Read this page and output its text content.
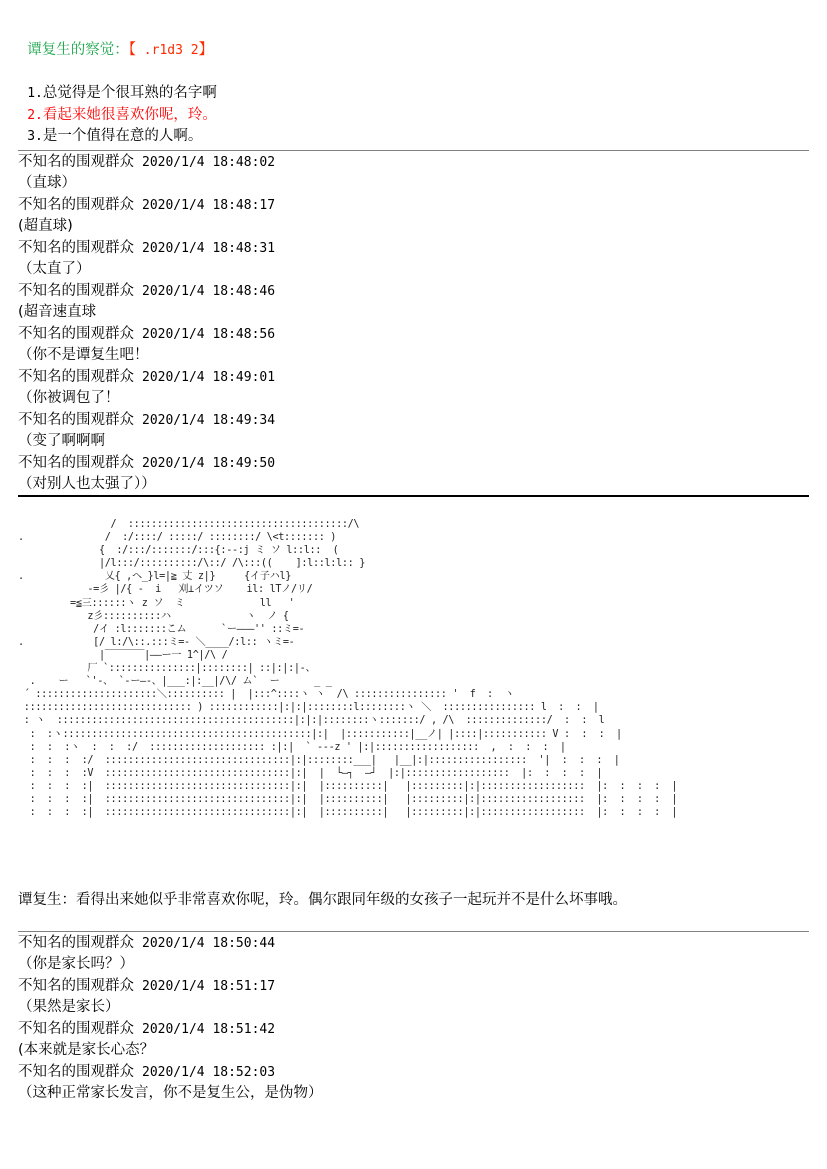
谭复生的察觉：【 .r1d3 2】

1.总觉得是个很耳熟的名字啊

2.看起来她很喜欢你呢，玲。

3.是一个值得在意的人啊。

不知名的围观群众 2020/1/4 18:48:02
（直球）
不知名的围观群众 2020/1/4 18:48:17
(超直球)
不知名的围观群众 2020/1/4 18:48:31
（太直了）
不知名的围观群众 2020/1/4 18:48:46
(超音速直球
不知名的围观群众 2020/1/4 18:48:56
（你不是谭复生吧！
不知名的围观群众 2020/1/4 18:49:01
（你被调包了！
不知名的围观群众 2020/1/4 18:49:34
（变了啊啊啊
不知名的围观群众 2020/1/4 18:49:50
（对别人也太强了））
/  ::::::::::::::::::::::::::::::::::::::/\
.              /  :/::::/ :::::/ ::::::::/ \<t::::::: )
{  :/:::/:::::::/:::{:--:j ミ ソ l::l::  (
|/l:::/::::::::::/\::/ /\:::((    ]:l::l:l:: }
.              乂{ ,ヘ_}l=|≧ 丈 z|}     {イ子ハl}
-=彡 |/{ -  i   刈⊥イツソ    il: lTノ/リ/
=≦三::::::ヽ z ソ  ミ             ll   '
z彡::::::::::ハ             ヽ  ノ {
/イ :l:::::::こム      `ー―――'' ::ミ=-
.            [/ l:/\::.:::ミ=- ＼____/:l:: ヽミ=-
|￣￣￣￣|――ー一 1^|/\ /
厂 `:::::::::::::::|::::::::| ::|:|:|-、
.    ー   `'-、 `-ー―-、|___:|:__|/\/ ム`  ー      _ _
´ :::::::::::::::::::::＼:::::::::: |  |:::^::::ヽ ヽ  /\ :::::::::::::::: '  f  :  ヽ
::::::::::::::::::::::::::::: ) ::::::::::::|:|:|::::::::l::::::::ヽ ＼  :::::::::::::::: l  :  :  |
: ヽ  :::::::::::::::::::::::::::::::::::::::::|:|:|::::::::ヽ:::::::/ , /\  ::::::::::::::/  :  :  l
:  :ヽ:::::::::::::::::::::::::::::::::::::::::::|:|  |:::::::::::|__ノ| |::::|::::::::::: V :  :  :  |
:  :  :ヽ  :  :  :/  :::::::::::::::::::: :|:|  ` ---z ' |:|::::::::::::::::::  ,  :  :  :  |
:  :  :  :/  ::::::::::::::::::::::::::::::::|:|::::::::___|   |__|:|:::::::::::::::::  '|  :  :  :  |
:  :  :  :V  ::::::::::::::::::::::::::::::::|:|  |  └―┐  ―┘  |:|::::::::::::::::::  |:  :  :  :  |
:  :  :  :|  ::::::::::::::::::::::::::::::::|:|  |::::::::::|   |:::::::::|:|::::::::::::::::::  |:  :  :  :  |
:  :  :  :|  ::::::::::::::::::::::::::::::::|:|  |::::::::::|   |:::::::::|:|::::::::::::::::::  |:  :  :  :  |
:  :  :  :|  ::::::::::::::::::::::::::::::::|:|  |::::::::::|   |:::::::::|:|::::::::::::::::::  |:  :  :  :  |
谭复生：看得出来她似乎非常喜欢你呢，玲。偶尔跟同年级的女孩子一起玩并不是什么坏事哦。
不知名的围观群众 2020/1/4 18:50:44
（你是家长吗？）
不知名的围观群众 2020/1/4 18:51:17
（果然是家长）
不知名的围观群众 2020/1/4 18:51:42
(本来就是家长心态？
不知名的围观群众 2020/1/4 18:52:03
（这种正常家长发言，你不是复生公，是伪物）
